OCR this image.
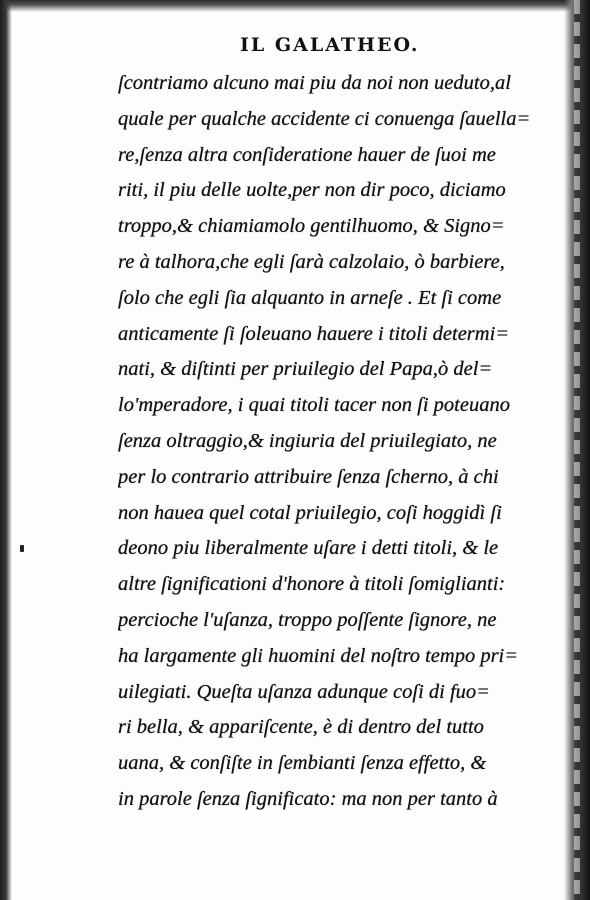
IL GALATHEO.
ſcontriamo alcuno mai piu da noi non ueduto,al
quale per qualche accidente ci conuenga ſauella=
re,ſenza altra conſideratione hauer de ſuoi me
riti, il piu delle uolte,per non dir poco, diciamo
troppo,& chiamiamolo gentilhuomo, & Signo=
re à talhora,che egli ſarà calzolaio, ò barbiere,
ſolo che egli ſia alquanto in arneſe . Et ſi come
anticamente ſi ſoleuano hauere i titoli determi=
nati, & diſtinti per priuilegio del Papa,ò del=
lo'mperadore, i quai titoli tacer non ſi poteuano
ſenza oltraggio,& ingiuria del priuilegiato, ne
per lo contrario attribuire ſenza ſcherno, à chi
non hauea quel cotal priuilegio, coſi hoggidì ſi
deono piu liberalmente uſare i detti titoli, & le
altre ſignificationi d'honore à titoli ſomiglianti:
percioche l'uſanza, troppo poſſente ſignore, ne
ha largamente gli huomini del noſtro tempo pri=
uilegiati. Queſta uſanza adunque coſi di fuo=
ri bella, & appariſcente, è di dentro del tutto
uana, & conſiſte in ſembianti ſenza effetto, &
in parole ſenza ſignificato: ma non per tanto à
